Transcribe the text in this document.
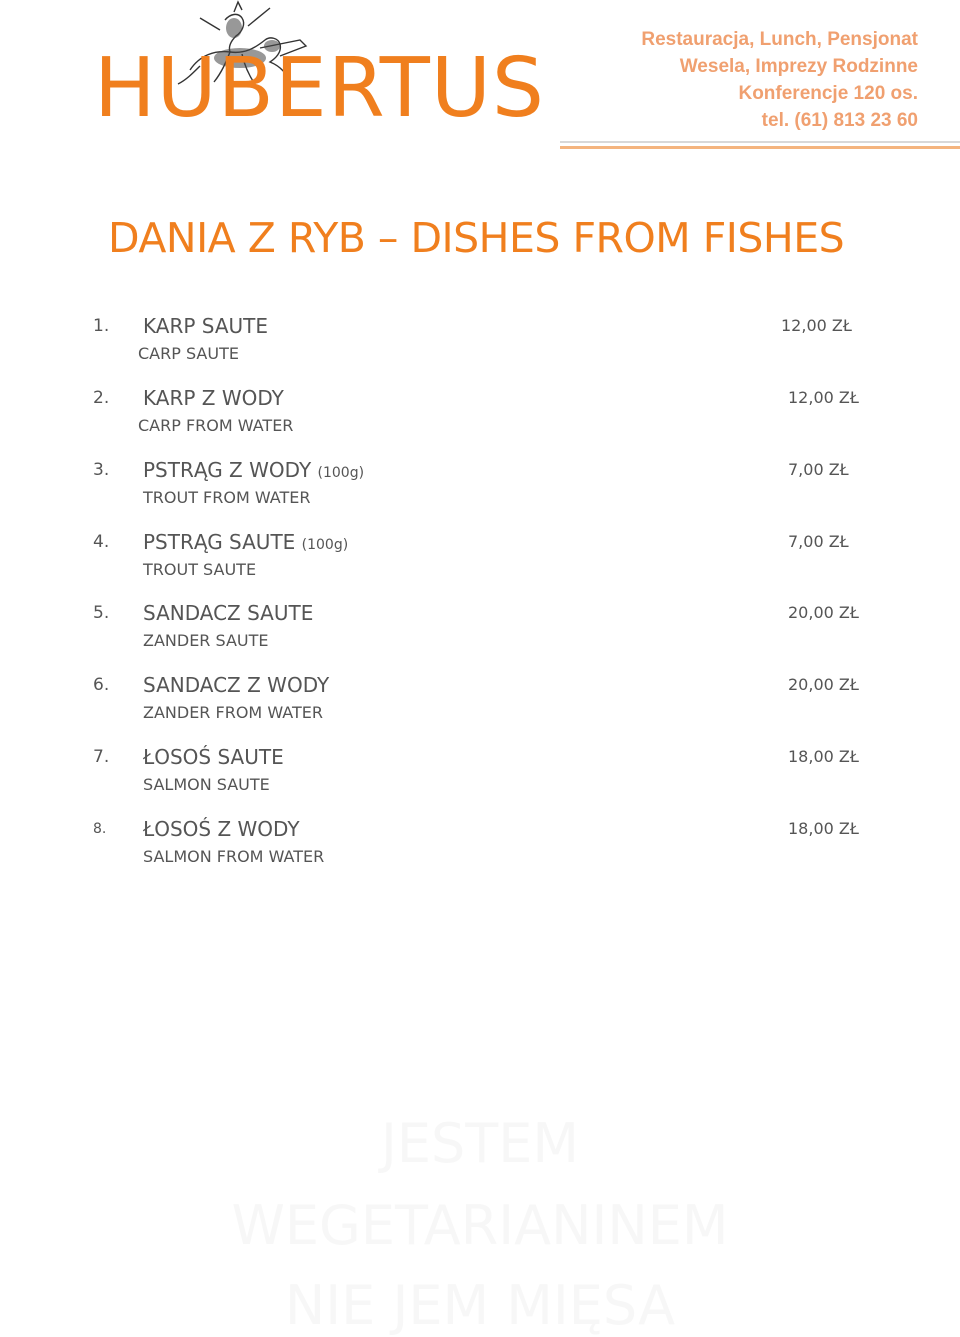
HUBERTUS
Restauracja, Lunch, Pensjonat
Wesela, Imprezy Rodzinne
Konferencje 120 os.
tel. (61) 813 23 60
DANIA Z RYB – DISHES FROM FISHES
1. KARP SAUTE
CARP SAUTE
12,00 ZŁ
2. KARP Z WODY
CARP FROM WATER
12,00 ZŁ
3. PSTRĄG Z WODY (100g)
TROUT FROM WATER
7,00 ZŁ
4. PSTRĄG SAUTE (100g)
TROUT SAUTE
7,00 ZŁ
5. SANDACZ SAUTE
ZANDER SAUTE
20,00 ZŁ
6. SANDACZ Z WODY
ZANDER FROM WATER
20,00 ZŁ
7. ŁOSOŚ SAUTE
SALMON SAUTE
18,00 ZŁ
8. ŁOSOŚ Z WODY
SALMON FROM WATER
18,00 ZŁ
JESTEM
WEGETARIANINEM
NIE JEM MIĘSA
